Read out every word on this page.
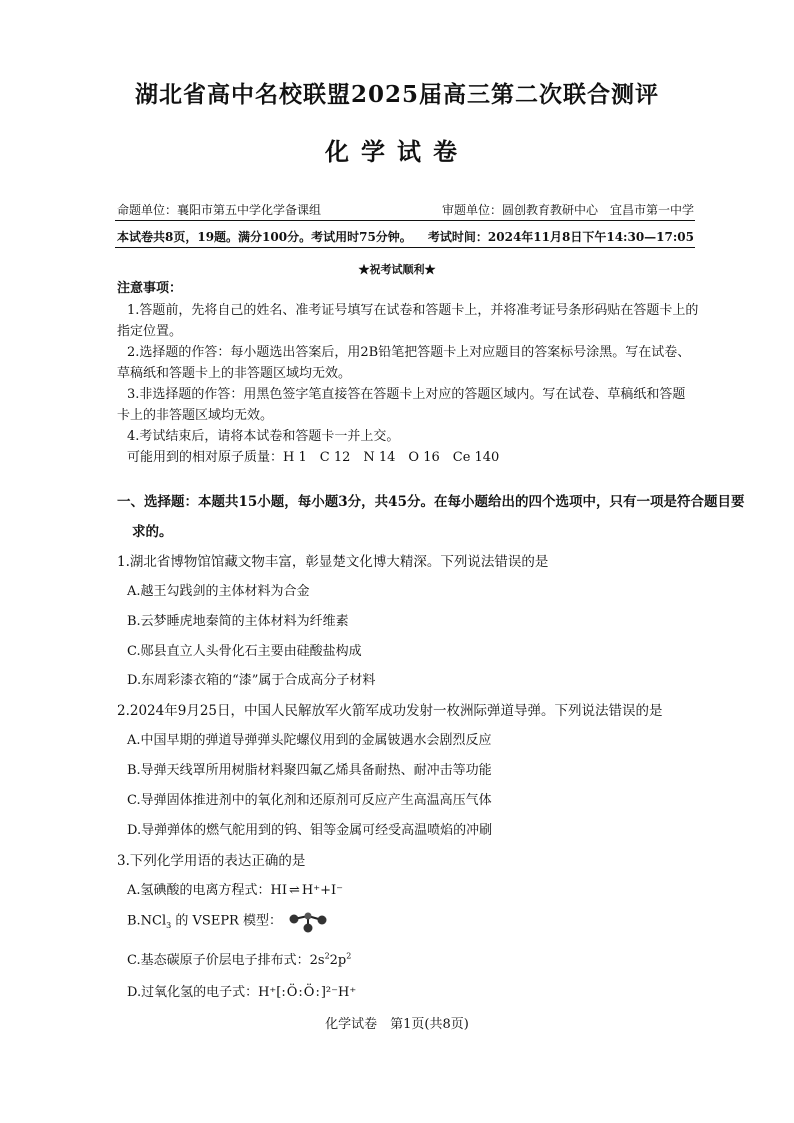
湖北省高中名校联盟2025届高三第二次联合测评
化学试卷
命题单位：襄阳市第五中学化学备课组	审题单位：圆创教育教研中心　宜昌市第一中学
本试卷共8页，19题。满分100分。考试用时75分钟。 考试时间：2024年11月8日下午14:30—17:05
★祝考试顺利★
注意事项：
1.答题前，先将自己的姓名、准考证号填写在试卷和答题卡上，并将准考证号条形码贴在答题卡上的
指定位置。
2.选择题的作答：每小题选出答案后，用2B铅笔把答题卡上对应题目的答案标号涂黑。写在试卷、
草稿纸和答题卡上的非答题区域均无效。
3.非选择题的作答：用黑色签字笔直接答在答题卡上对应的答题区域内。写在试卷、草稿纸和答题
卡上的非答题区域均无效。
4.考试结束后，请将本试卷和答题卡一并上交。
可能用到的相对原子质量：H 1　C 12　N 14　O 16　Ce 140
一、选择题：本题共15小题，每小题3分，共45分。在每小题给出的四个选项中，只有一项是符合题目要
求的。
1.湖北省博物馆馆藏文物丰富，彰显楚文化博大精深。下列说法错误的是
A.越王勾践剑的主体材料为合金
B.云梦睡虎地秦简的主体材料为纤维素
C.郧县直立人头骨化石主要由硅酸盐构成
D.东周彩漆衣箱的“漆”属于合成高分子材料
2.2024年9月25日，中国人民解放军火箭军成功发射一枚洲际弹道导弹。下列说法错误的是
A.中国早期的弹道导弹弹头陀螺仪用到的金属铍遇水会剧烈反应
B.导弹天线罩所用树脂材料聚四氟乙烯具备耐热、耐冲击等功能
C.导弹固体推进剂中的氧化剂和还原剂可反应产生高温高压气体
D.导弹弹体的燃气舵用到的钨、钼等金属可经受高温喷焰的冲刷
3.下列化学用语的表达正确的是
A.氢碘酸的电离方程式：HI ⇌ H⁺+I⁻
B.NCl$_3$ 的 VSEPR 模型：
C.基态碳原子价层电子排布式：$2s^22p^2$
D.过氧化氢的电子式：H⁺[:Ö:Ö:]²⁻H⁺
化学试卷　第1页(共8页)
